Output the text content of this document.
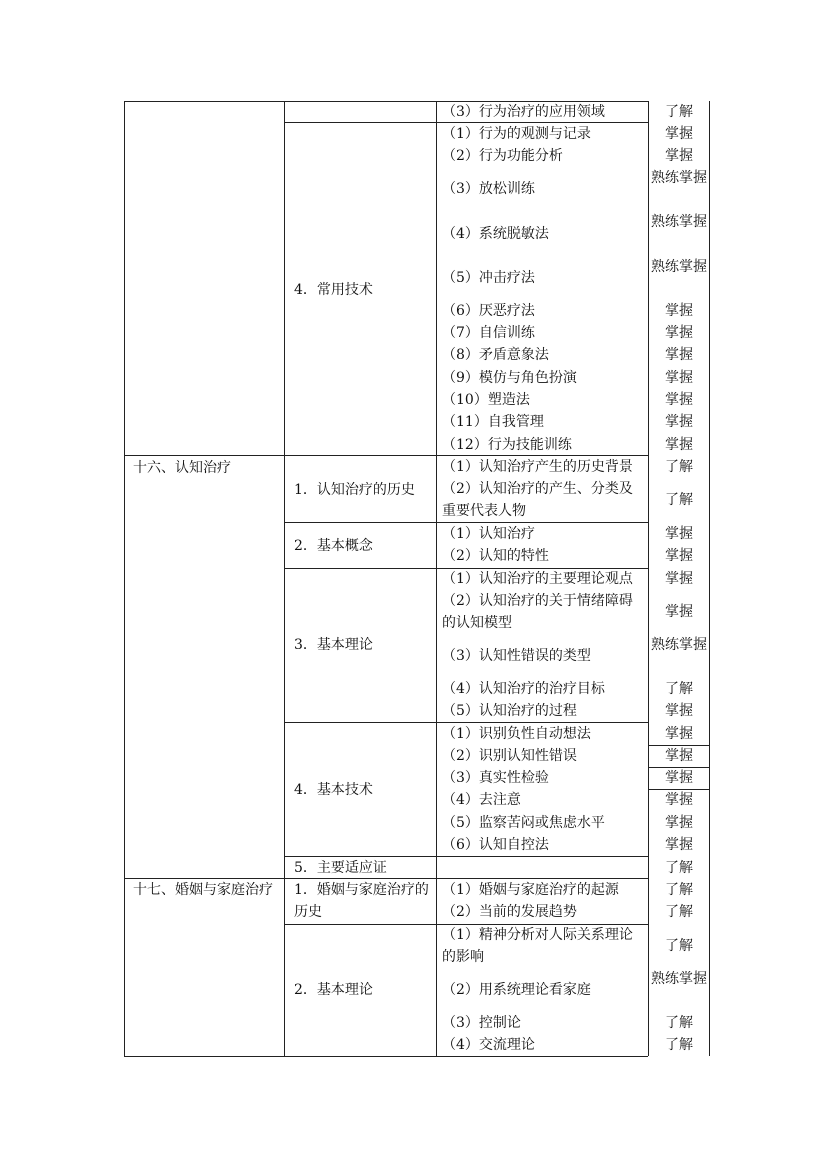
十六、认知治疗
十七、婚姻与家庭治疗
4．常用技术
1．认知治疗的历史
2．基本概念
3．基本理论
4．基本技术
5．主要适应证
1．婚姻与家庭治疗的历史
2．基本理论
（3）行为治疗的应用领域
（1）行为的观测与记录
（2）行为功能分析
（3）放松训练
（4）系统脱敏法
（5）冲击疗法
（6）厌恶疗法
（7）自信训练
（8）矛盾意象法
（9）模仿与角色扮演
（10）塑造法
（11）自我管理
（12）行为技能训练
（1）认知治疗产生的历史背景
（2）认知治疗的产生、分类及重要代表人物
（1）认知治疗
（2）认知的特性
（1）认知治疗的主要理论观点
（2）认知治疗的关于情绪障碍的认知模型
（3）认知性错误的类型
（4）认知治疗的治疗目标
（5）认知治疗的过程
（1）识别负性自动想法
（2）识别认知性错误
（3）真实性检验
（4）去注意
（5）监察苦闷或焦虑水平
（6）认知自控法
（1）婚姻与家庭治疗的起源
（2）当前的发展趋势
（1）精神分析对人际关系理论的影响
（2）用系统理论看家庭
（3）控制论
（4）交流理论
了解
掌握
掌握
熟练掌握
熟练掌握
熟练掌握
掌握
掌握
掌握
掌握
掌握
掌握
掌握
了解
了解
掌握
掌握
掌握
掌握
熟练掌握
了解
掌握
掌握
掌握
掌握
掌握
掌握
掌握
了解
了解
了解
了解
熟练掌握
了解
了解
